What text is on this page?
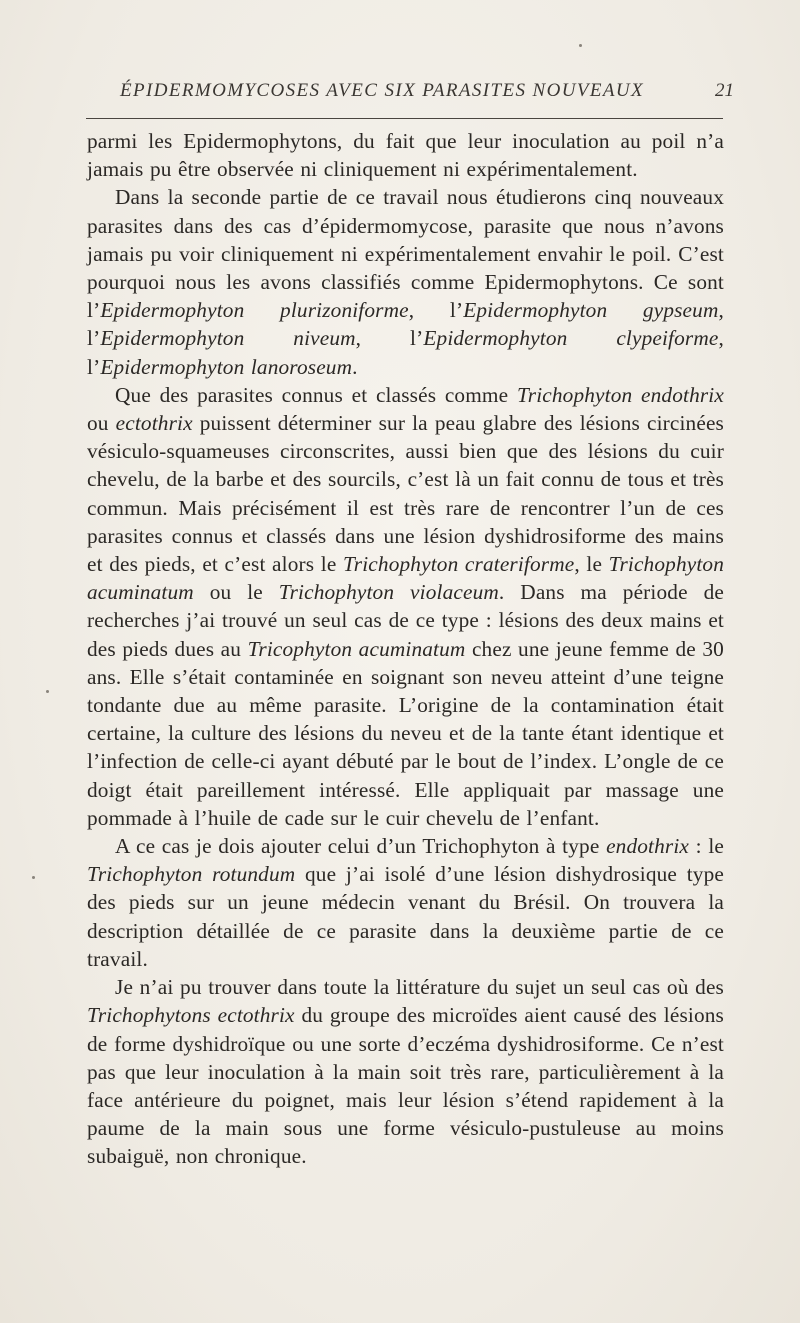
ÉPIDERMOMYCOSES AVEC SIX PARASITES NOUVEAUX	21

parmi les Epidermophytons, du fait que leur inoculation au poil n’a jamais pu être observée ni cliniquement ni expérimentalement.

Dans la seconde partie de ce travail nous étudierons cinq nouveaux parasites dans des cas d’épidermomycose, parasite que nous n’avons jamais pu voir cliniquement ni expérimentalement envahir le poil. C’est pourquoi nous les avons classifiés comme Epidermophytons. Ce sont l’Epidermophyton plurizoniforme, l’Epidermophyton gypseum, l’Epidermophyton niveum, l’Epidermophyton clypeiforme, l’Epidermophyton lanoroseum.

Que des parasites connus et classés comme Trichophyton endothrix ou ectothrix puissent déterminer sur la peau glabre des lésions circinées vésiculo-squameuses circonscrites, aussi bien que des lésions du cuir chevelu, de la barbe et des sourcils, c’est là un fait connu de tous et très commun. Mais précisément il est très rare de rencontrer l’un de ces parasites connus et classés dans une lésion dyshidrosiforme des mains et des pieds, et c’est alors le Trichophyton crateriforme, le Trichophyton acuminatum ou le Trichophyton violaceum. Dans ma période de recherches j’ai trouvé un seul cas de ce type : lésions des deux mains et des pieds dues au Tricophyton acuminatum chez une jeune femme de 30 ans. Elle s’était contaminée en soignant son neveu atteint d’une teigne tondante due au même parasite. L’origine de la contamination était certaine, la culture des lésions du neveu et de la tante étant identique et l’infection de celle-ci ayant débuté par le bout de l’index. L’ongle de ce doigt était pareillement intéressé. Elle appliquait par massage une pommade à l’huile de cade sur le cuir chevelu de l’enfant.

A ce cas je dois ajouter celui d’un Trichophyton à type endothrix : le Trichophyton rotundum que j’ai isolé d’une lésion dishydrosique type des pieds sur un jeune médecin venant du Brésil. On trouvera la description détaillée de ce parasite dans la deuxième partie de ce travail.

Je n’ai pu trouver dans toute la littérature du sujet un seul cas où des Trichophytons ectothrix du groupe des microïdes aient causé des lésions de forme dyshidroïque ou une sorte d’eczéma dyshidrosiforme. Ce n’est pas que leur inoculation à la main soit très rare, particulièrement à la face antérieure du poignet, mais leur lésion s’étend rapidement à la paume de la main sous une forme vésiculo-pustuleuse au moins subaiguë, non chronique.
